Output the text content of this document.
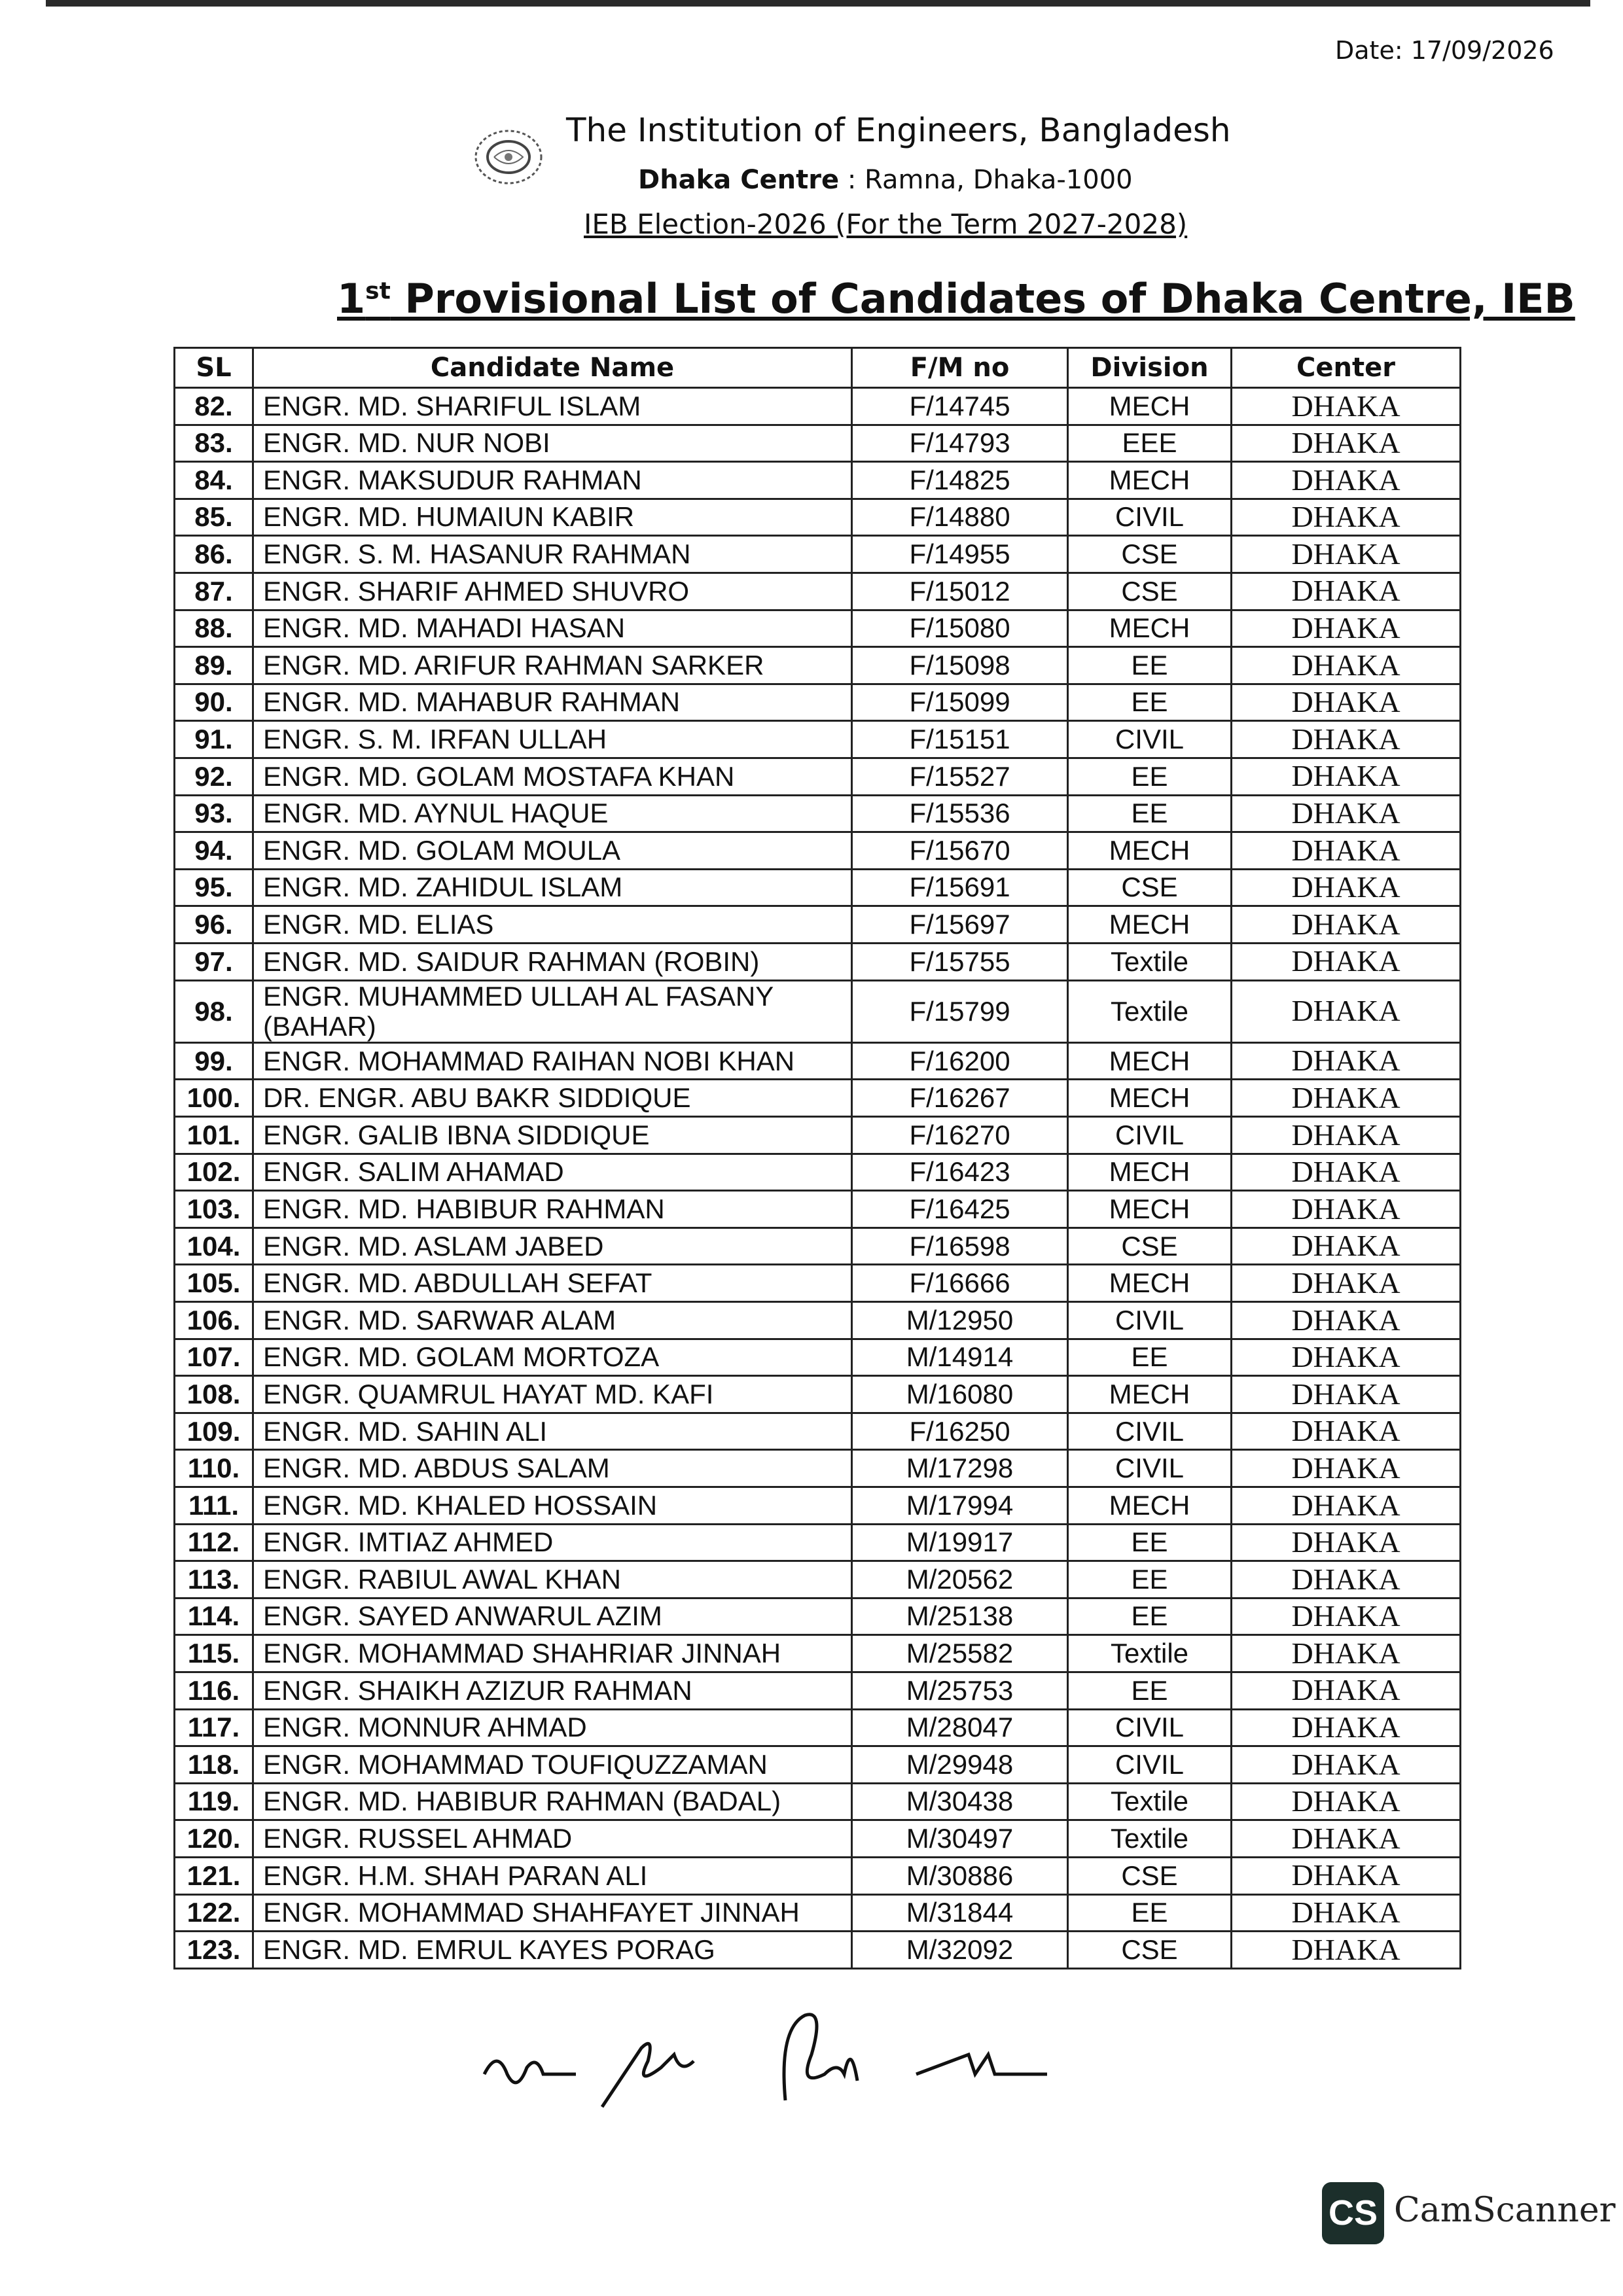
Date: 17/09/2026
The Institution of Engineers, Bangladesh
Dhaka Centre : Ramna, Dhaka-1000
IEB Election-2026 (For the Term 2027-2028)
1st Provisional List of Candidates of Dhaka Centre, IEB
SL	Candidate Name	F/M no	Division	Center
82.	ENGR. MD. SHARIFUL ISLAM	F/14745	MECH	DHAKA
83.	ENGR. MD. NUR NOBI	F/14793	EEE	DHAKA
84.	ENGR. MAKSUDUR RAHMAN	F/14825	MECH	DHAKA
85.	ENGR. MD. HUMAIUN KABIR	F/14880	CIVIL	DHAKA
86.	ENGR. S. M. HASANUR RAHMAN	F/14955	CSE	DHAKA
87.	ENGR. SHARIF AHMED SHUVRO	F/15012	CSE	DHAKA
88.	ENGR. MD. MAHADI HASAN	F/15080	MECH	DHAKA
89.	ENGR. MD. ARIFUR RAHMAN SARKER	F/15098	EE	DHAKA
90.	ENGR. MD. MAHABUR RAHMAN	F/15099	EE	DHAKA
91.	ENGR. S. M. IRFAN ULLAH	F/15151	CIVIL	DHAKA
92.	ENGR. MD. GOLAM MOSTAFA KHAN	F/15527	EE	DHAKA
93.	ENGR. MD. AYNUL HAQUE	F/15536	EE	DHAKA
94.	ENGR. MD. GOLAM MOULA	F/15670	MECH	DHAKA
95.	ENGR. MD. ZAHIDUL ISLAM	F/15691	CSE	DHAKA
96.	ENGR. MD. ELIAS	F/15697	MECH	DHAKA
97.	ENGR. MD. SAIDUR RAHMAN (ROBIN)	F/15755	Textile	DHAKA
98.	ENGR. MUHAMMED ULLAH AL FASANY (BAHAR)	F/15799	Textile	DHAKA
99.	ENGR. MOHAMMAD RAIHAN NOBI KHAN	F/16200	MECH	DHAKA
100.	DR. ENGR. ABU BAKR SIDDIQUE	F/16267	MECH	DHAKA
101.	ENGR. GALIB IBNA SIDDIQUE	F/16270	CIVIL	DHAKA
102.	ENGR. SALIM AHAMAD	F/16423	MECH	DHAKA
103.	ENGR. MD. HABIBUR RAHMAN	F/16425	MECH	DHAKA
104.	ENGR. MD. ASLAM JABED	F/16598	CSE	DHAKA
105.	ENGR. MD. ABDULLAH SEFAT	F/16666	MECH	DHAKA
106.	ENGR. MD. SARWAR ALAM	M/12950	CIVIL	DHAKA
107.	ENGR. MD. GOLAM MORTOZA	M/14914	EE	DHAKA
108.	ENGR. QUAMRUL HAYAT MD. KAFI	M/16080	MECH	DHAKA
109.	ENGR. MD. SAHIN ALI	F/16250	CIVIL	DHAKA
110.	ENGR. MD. ABDUS SALAM	M/17298	CIVIL	DHAKA
111.	ENGR. MD. KHALED HOSSAIN	M/17994	MECH	DHAKA
112.	ENGR. IMTIAZ AHMED	M/19917	EE	DHAKA
113.	ENGR. RABIUL AWAL KHAN	M/20562	EE	DHAKA
114.	ENGR. SAYED ANWARUL AZIM	M/25138	EE	DHAKA
115.	ENGR. MOHAMMAD SHAHRIAR JINNAH	M/25582	Textile	DHAKA
116.	ENGR. SHAIKH AZIZUR RAHMAN	M/25753	EE	DHAKA
117.	ENGR. MONNUR AHMAD	M/28047	CIVIL	DHAKA
118.	ENGR. MOHAMMAD TOUFIQUZZAMAN	M/29948	CIVIL	DHAKA
119.	ENGR. MD. HABIBUR RAHMAN (BADAL)	M/30438	Textile	DHAKA
120.	ENGR. RUSSEL AHMAD	M/30497	Textile	DHAKA
121.	ENGR. H.M. SHAH PARAN ALI	M/30886	CSE	DHAKA
122.	ENGR. MOHAMMAD SHAHFAYET JINNAH	M/31844	EE	DHAKA
123.	ENGR. MD. EMRUL KAYES PORAG	M/32092	CSE	DHAKA
CS CamScanner
